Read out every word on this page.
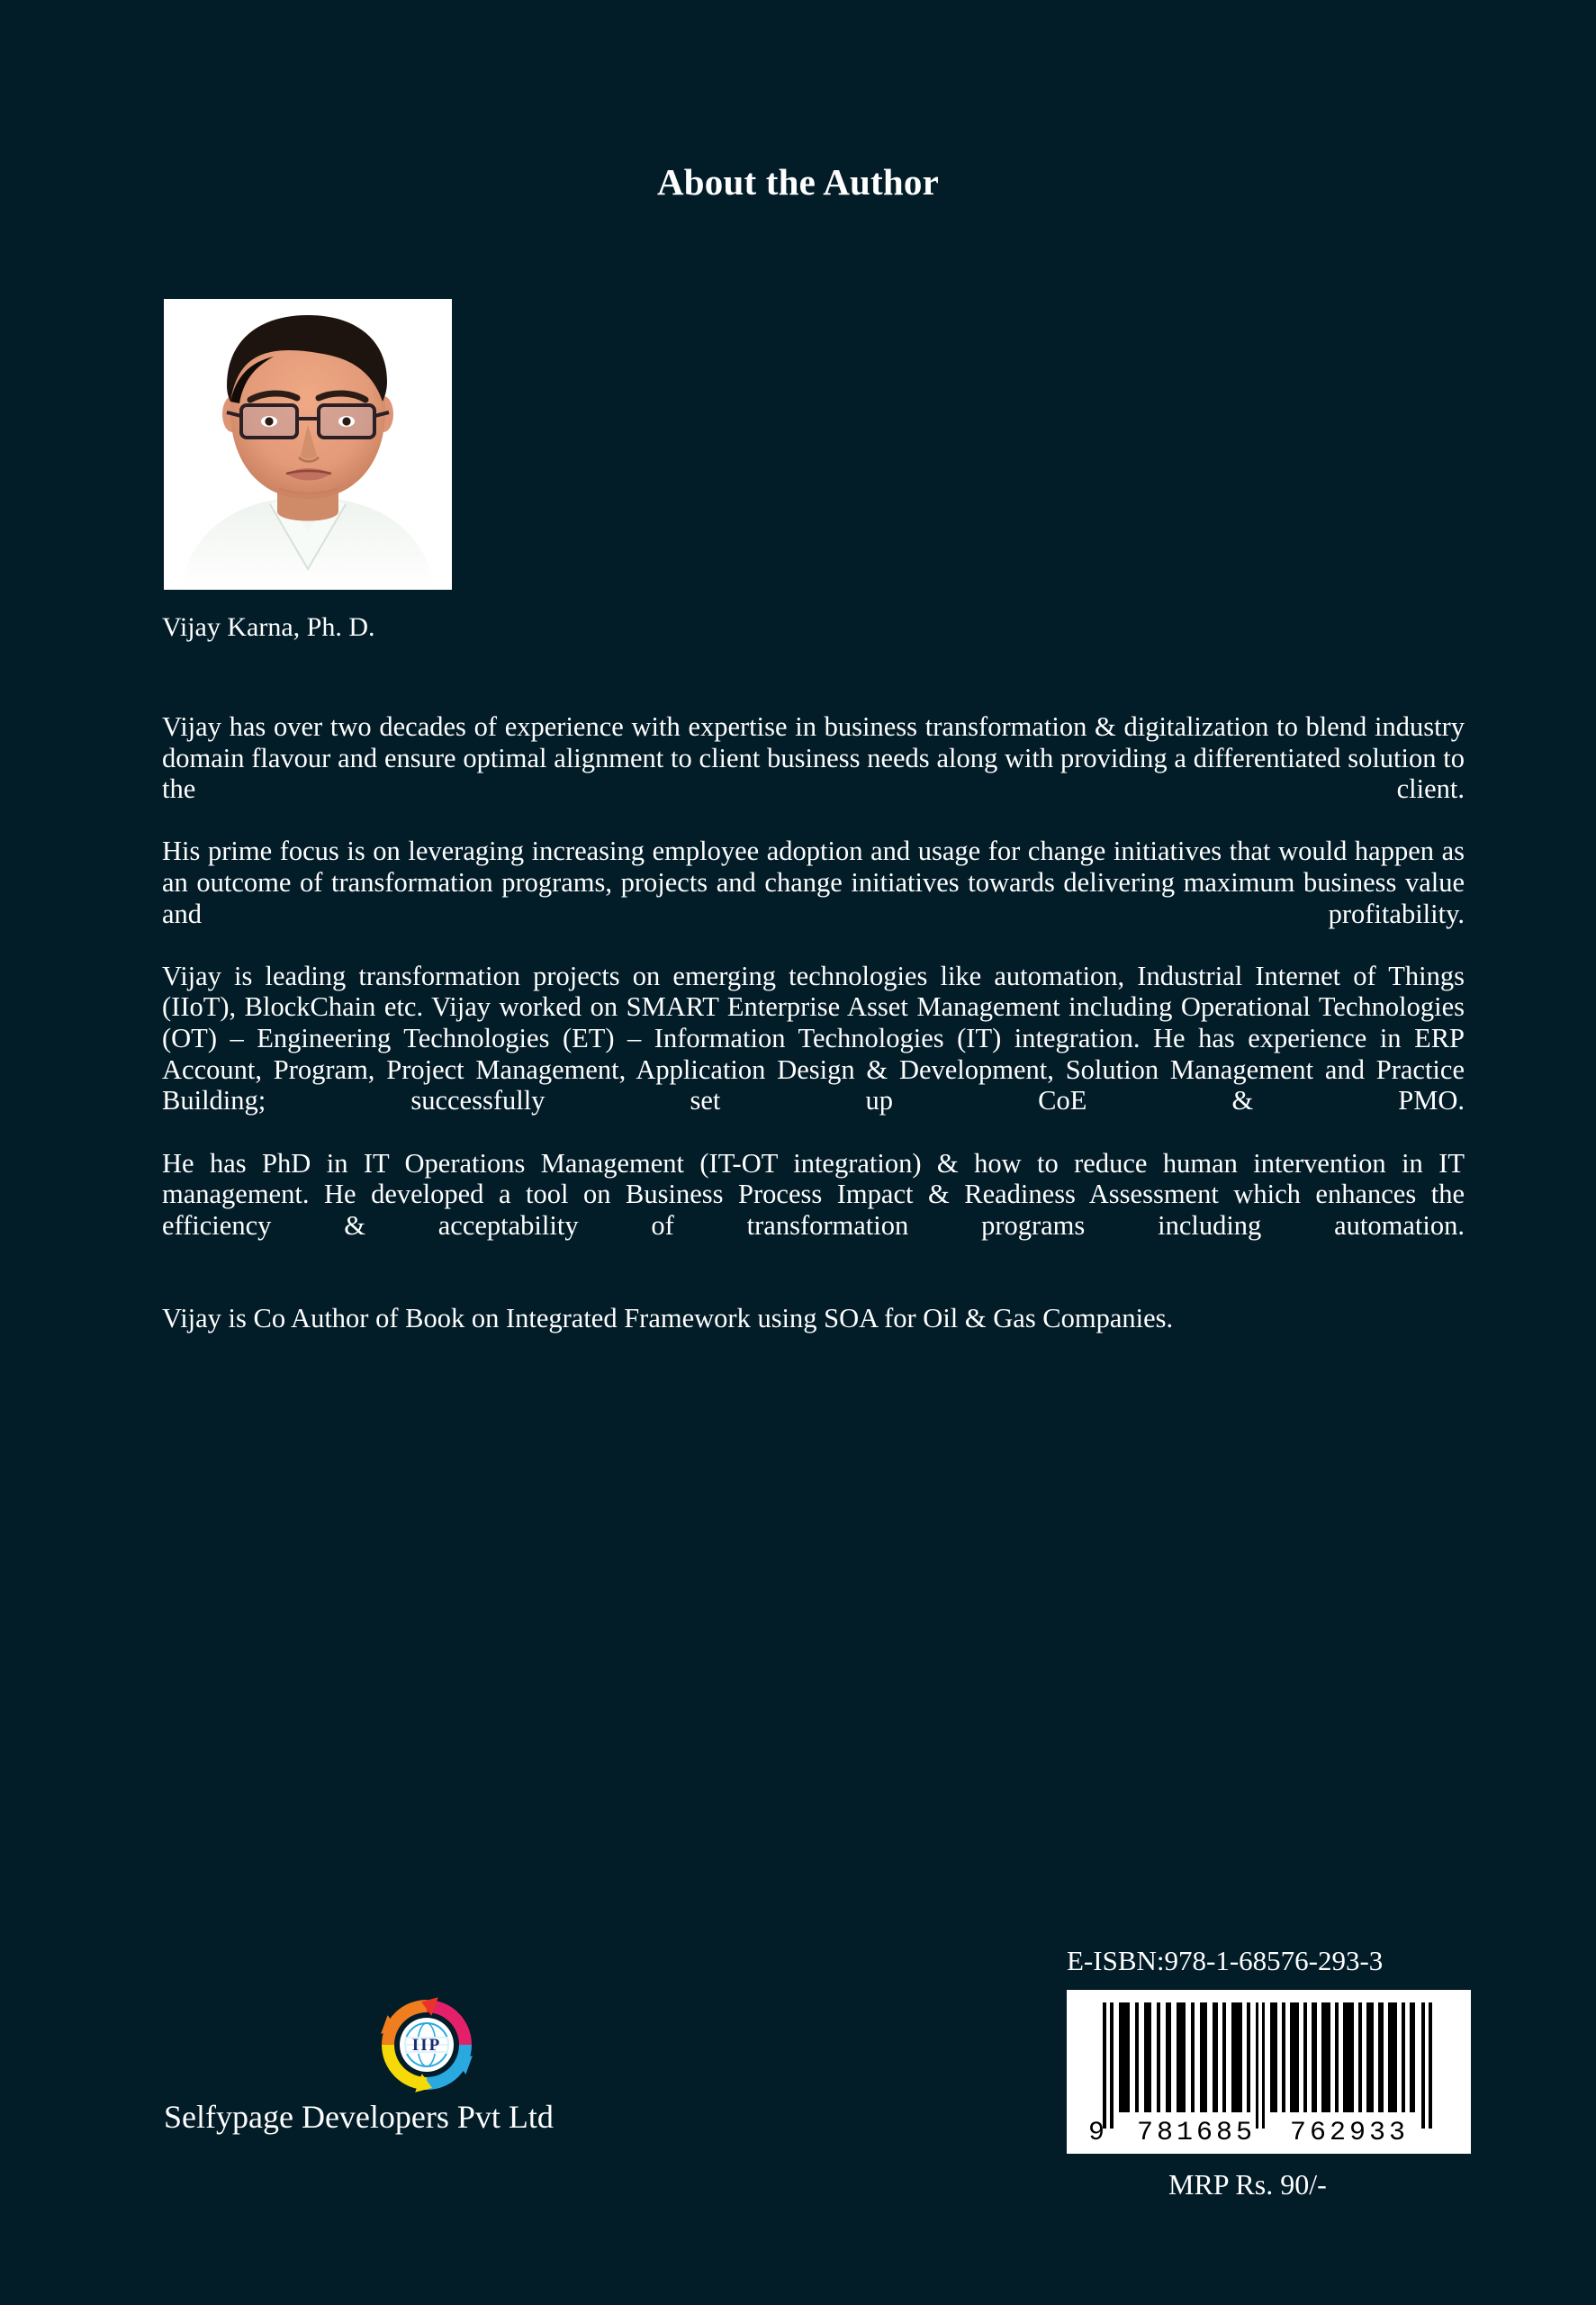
About the Author
Vijay Karna, Ph. D.

Vijay has over two decades of experience with expertise in business transformation & digitalization to blend industry domain flavour and ensure optimal alignment to client business needs along with providing a differentiated solution to the client.

His prime focus is on leveraging increasing employee adoption and usage for change initiatives that would happen as an outcome of transformation programs, projects and change initiatives towards delivering maximum business value and profitability.

Vijay is leading transformation projects on emerging technologies like automation, Industrial Internet of Things (IIoT), BlockChain etc. Vijay worked on SMART Enterprise Asset Management including Operational Technologies (OT) – Engineering Technologies (ET) – Information Technologies (IT) integration. He has experience in ERP Account, Program, Project Management, Application Design & Development, Solution Management and Practice Building; successfully set up CoE & PMO.

He has PhD in IT Operations Management (IT-OT integration) & how to reduce human intervention in IT management. He developed a tool on Business Process Impact & Readiness Assessment which enhances the efficiency & acceptability of transformation programs including automation.

Vijay is Co Author of Book on Integrated Framework using SOA for Oil & Gas Companies.

IIP
Selfypage Developers Pvt Ltd
E-ISBN:978-1-68576-293-3
9 781685 762933
MRP Rs. 90/-
